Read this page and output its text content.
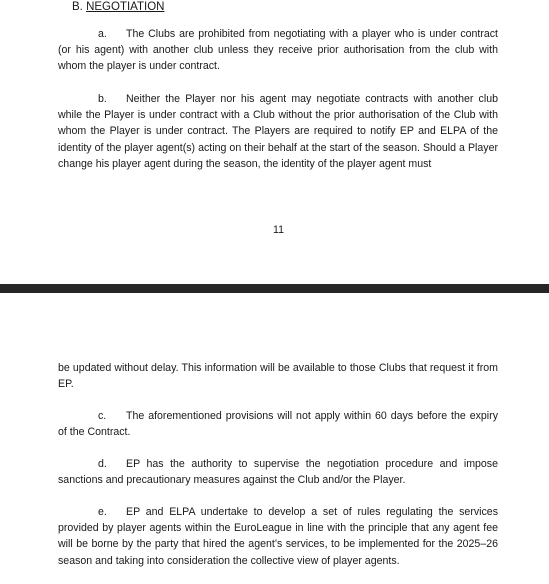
B. NEGOTIATION

a. The Clubs are prohibited from negotiating with a player who is under contract (or his agent) with another club unless they receive prior authorisation from the club with whom the player is under contract.

b. Neither the Player nor his agent may negotiate contracts with another club while the Player is under contract with a Club without the prior authorisation of the Club with whom the Player is under contract. The Players are required to notify EP and ELPA of the identity of the player agent(s) acting on their behalf at the start of the season. Should a Player change his player agent during the season, the identity of the player agent must

11

be updated without delay. This information will be available to those Clubs that request it from EP.

c. The aforementioned provisions will not apply within 60 days before the expiry of the Contract.

d. EP has the authority to supervise the negotiation procedure and impose sanctions and precautionary measures against the Club and/or the Player.

e. EP and ELPA undertake to develop a set of rules regulating the services provided by player agents within the EuroLeague in line with the principle that any agent fee will be borne by the party that hired the agent’s services, to be implemented for the 2025–26 season and taking into consideration the collective view of player agents.
